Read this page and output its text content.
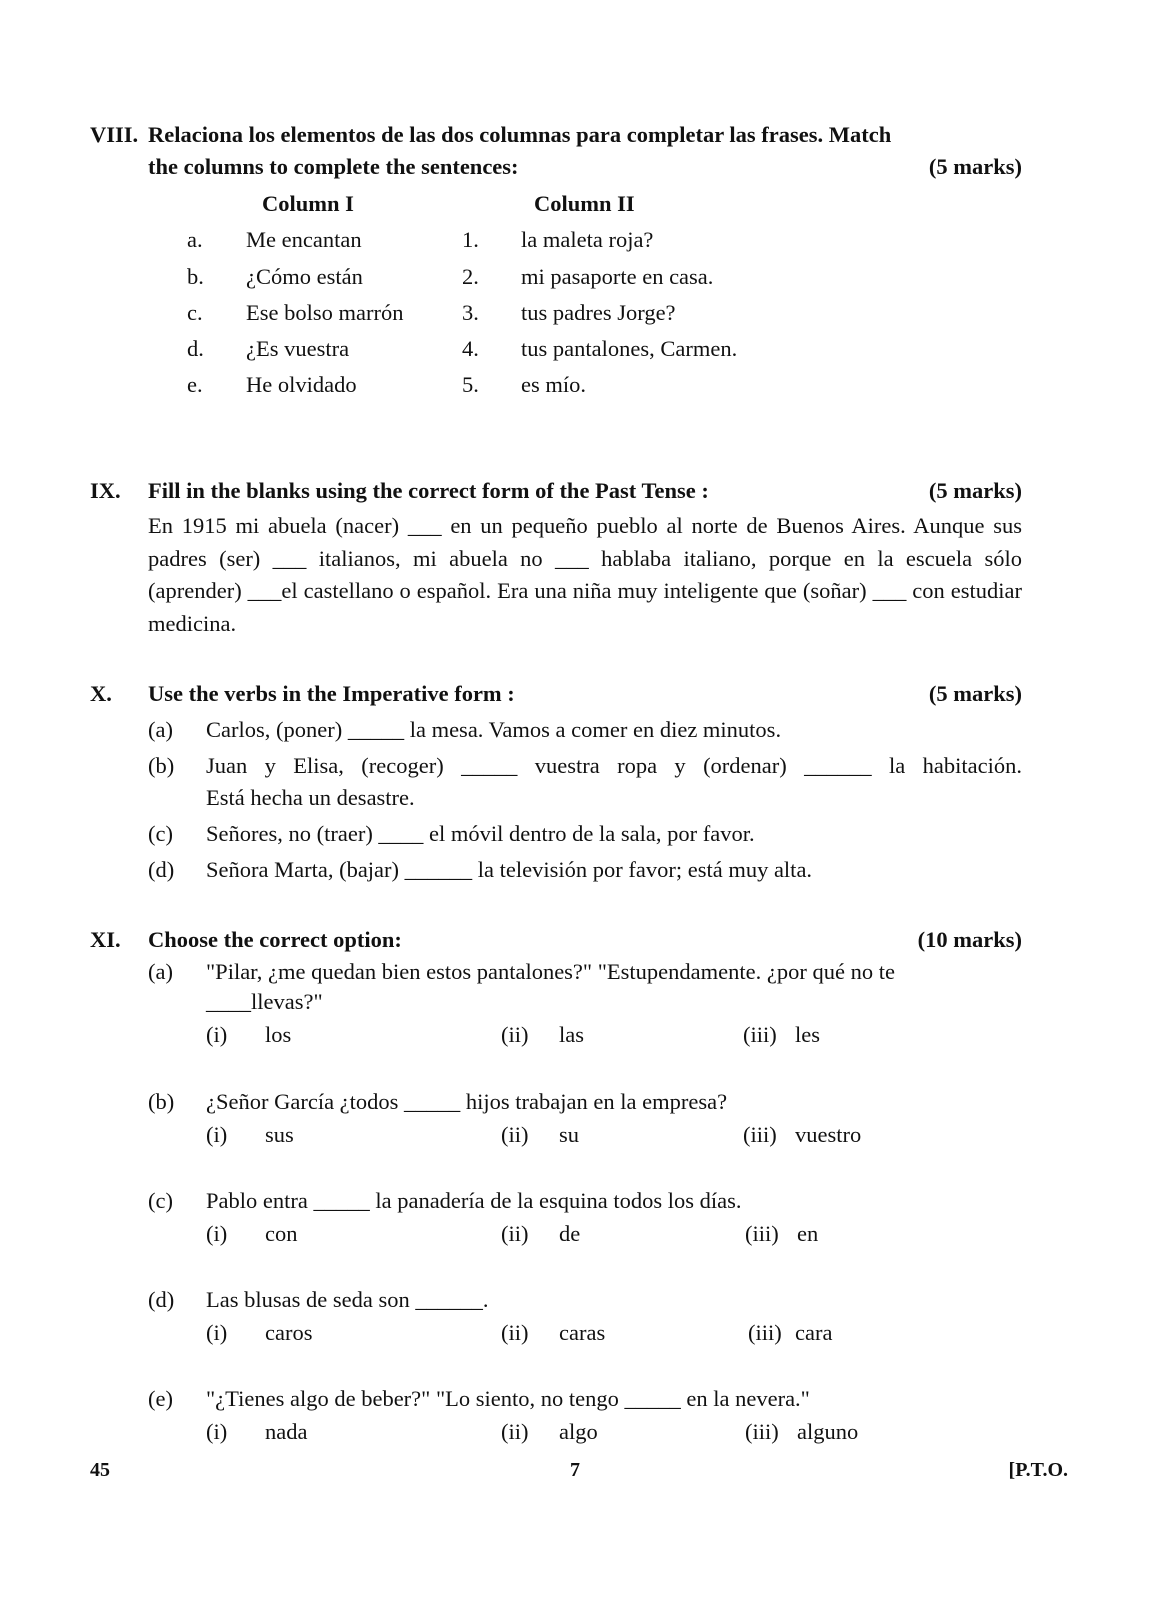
VIII. Relaciona los elementos de las dos columnas para completar las frases. Match
the columns to complete the sentences:	(5 marks)
Column I	Column II
a. Me encantan	1. la maleta roja?
b. ¿Cómo están	2. mi pasaporte en casa.
c. Ese bolso marrón	3. tus padres Jorge?
d. ¿Es vuestra	4. tus pantalones, Carmen.
e. He olvidado	5. es mío.
IX. Fill in the blanks using the correct form of the Past Tense :	(5 marks)
En 1915 mi abuela (nacer) ___ en un pequeño pueblo al norte de Buenos Aires. Aunque sus padres (ser) ___ italianos, mi abuela no ___ hablaba italiano, porque en la escuela sólo (aprender) ___el castellano o español. Era una niña muy inteligente que (soñar) ___ con estudiar medicina.
X. Use the verbs in the Imperative form :	(5 marks)
(a) Carlos, (poner) _____ la mesa. Vamos a comer en diez minutos.
(b) Juan y Elisa, (recoger) _____ vuestra ropa y (ordenar) ______ la habitación.
Está hecha un desastre.
(c) Señores, no (traer) ____ el móvil dentro de la sala, por favor.
(d) Señora Marta, (bajar) ______ la televisión por favor; está muy alta.
XI. Choose the correct option:	(10 marks)
(a) "Pilar, ¿me quedan bien estos pantalones?" "Estupendamente. ¿por qué no te
____llevas?"
(i) los	(ii) las	(iii) les
(b) ¿Señor García ¿todos _____ hijos trabajan en la empresa?
(i) sus	(ii) su	(iii) vuestro
(c) Pablo entra _____ la panadería de la esquina todos los días.
(i) con	(ii) de	(iii) en
(d) Las blusas de seda son ______.
(i) caros	(ii) caras	(iii) cara
(e) "¿Tienes algo de beber?" "Lo siento, no tengo _____ en la nevera."
(i) nada	(ii) algo	(iii) alguno
45	7	[P.T.O.
